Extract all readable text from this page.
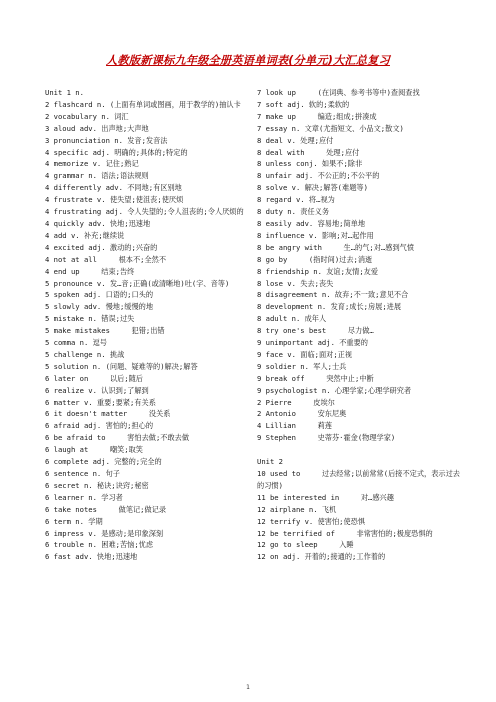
人教版新课标九年级全册英语单词表(分单元)大汇总复习
Unit 1 n.
2 flashcard n. (上面有单词或图画，用于教学的)抽认卡
2 vocabulary n. 词汇
3 aloud adv. 出声地;大声地
3 pronunciation n. 发音;发音法
4 specific adj. 明确的;具体的;特定的
4 memorize v. 记住;熟记
4 grammar n. 语法;语法规则
4 differently adv. 不同地;有区别地
4 frustrate v. 使失望;使沮丧;使厌烦
4 frustrating adj. 令人失望的;令人沮丧的;令人厌烦的
4 quickly adv. 快地;迅速地
4 add v. 补充;继续说
4 excited adj. 激动的;兴奋的
4 not at all     根本不;全然不
4 end up     结束;告终
5 pronounce v. 发…音;正确(或清晰地)吐(字、音等)
5 spoken adj. 口语的;口头的
5 slowly adv. 慢地;缓慢的地
5 mistake n. 错误;过失
5 make mistakes     犯错;出错
5 comma n. 逗号
5 challenge n. 挑战
5 solution n. (问题、疑难等的)解决;解答
6 later on     以后;随后
6 realize v. 认识到;了解到
6 matter v. 重要;要紧;有关系
6 it doesn't matter     没关系
6 afraid adj. 害怕的;担心的
6 be afraid to     害怕去做;不敢去做
6 laugh at     嘲笑;取笑
6 complete adj. 完整的;完全的
6 sentence n. 句子
6 secret n. 秘诀;诀窍;秘密
6 learner n. 学习者
6 take notes     做笔记;做记录
6 term n. 学期
6 impress v. 是感动;是印象深刻
6 trouble n. 困难;苦恼;忧虑
6 fast adv. 快地;迅速地
7 look up     (在词典、参考书等中)查阅查找
7 soft adj. 软的;柔软的
7 make up     编造;组成;拼凑成
7 essay n. 文章(尤指短文、小品文;散文)
8 deal v. 处理;应付
8 deal with     处理;应付
8 unless conj. 如果不;除非
8 unfair adj. 不公正的;不公平的
8 solve v. 解决;解答(难题等)
8 regard v. 将…视为
8 duty n. 责任义务
8 easily adv. 容易地;简单地
8 influence v. 影响;对…起作用
8 be angry with     生…的气;对…感到气愤
8 go by     (指时间)过去;消逝
8 friendship n. 友谊;友情;友爱
8 lose v. 失去;丧失
8 disagreement n. 故弃;不一致;意见不合
8 development n. 发育;成长;房展;进展
8 adult n. 成年人
8 try one's best     尽力做…
9 unimportant adj. 不重要的
9 face v. 面临;面对;正视
9 soldier n. 军人;士兵
9 break off     突然中止;中断
9 psychologist n. 心理学家;心理学研究者
2 Pierre     皮埃尔
2 Antonio     安东尼奥
4 Lillian     莉莲
9 Stephen     史蒂芬·霍金(物理学家)
Unit 2
10 used to     过去经常;以前常常(后接不定式，表示过去的习惯)
11 be interested in     对…感兴趣
12 airplane n. 飞机
12 terrify v. 使害怕;使恐惧
12 be terrified of     非常害怕的;极度恐惧的
12 go to sleep     入睡
12 on adj. 开着的;接通的;工作着的
1
